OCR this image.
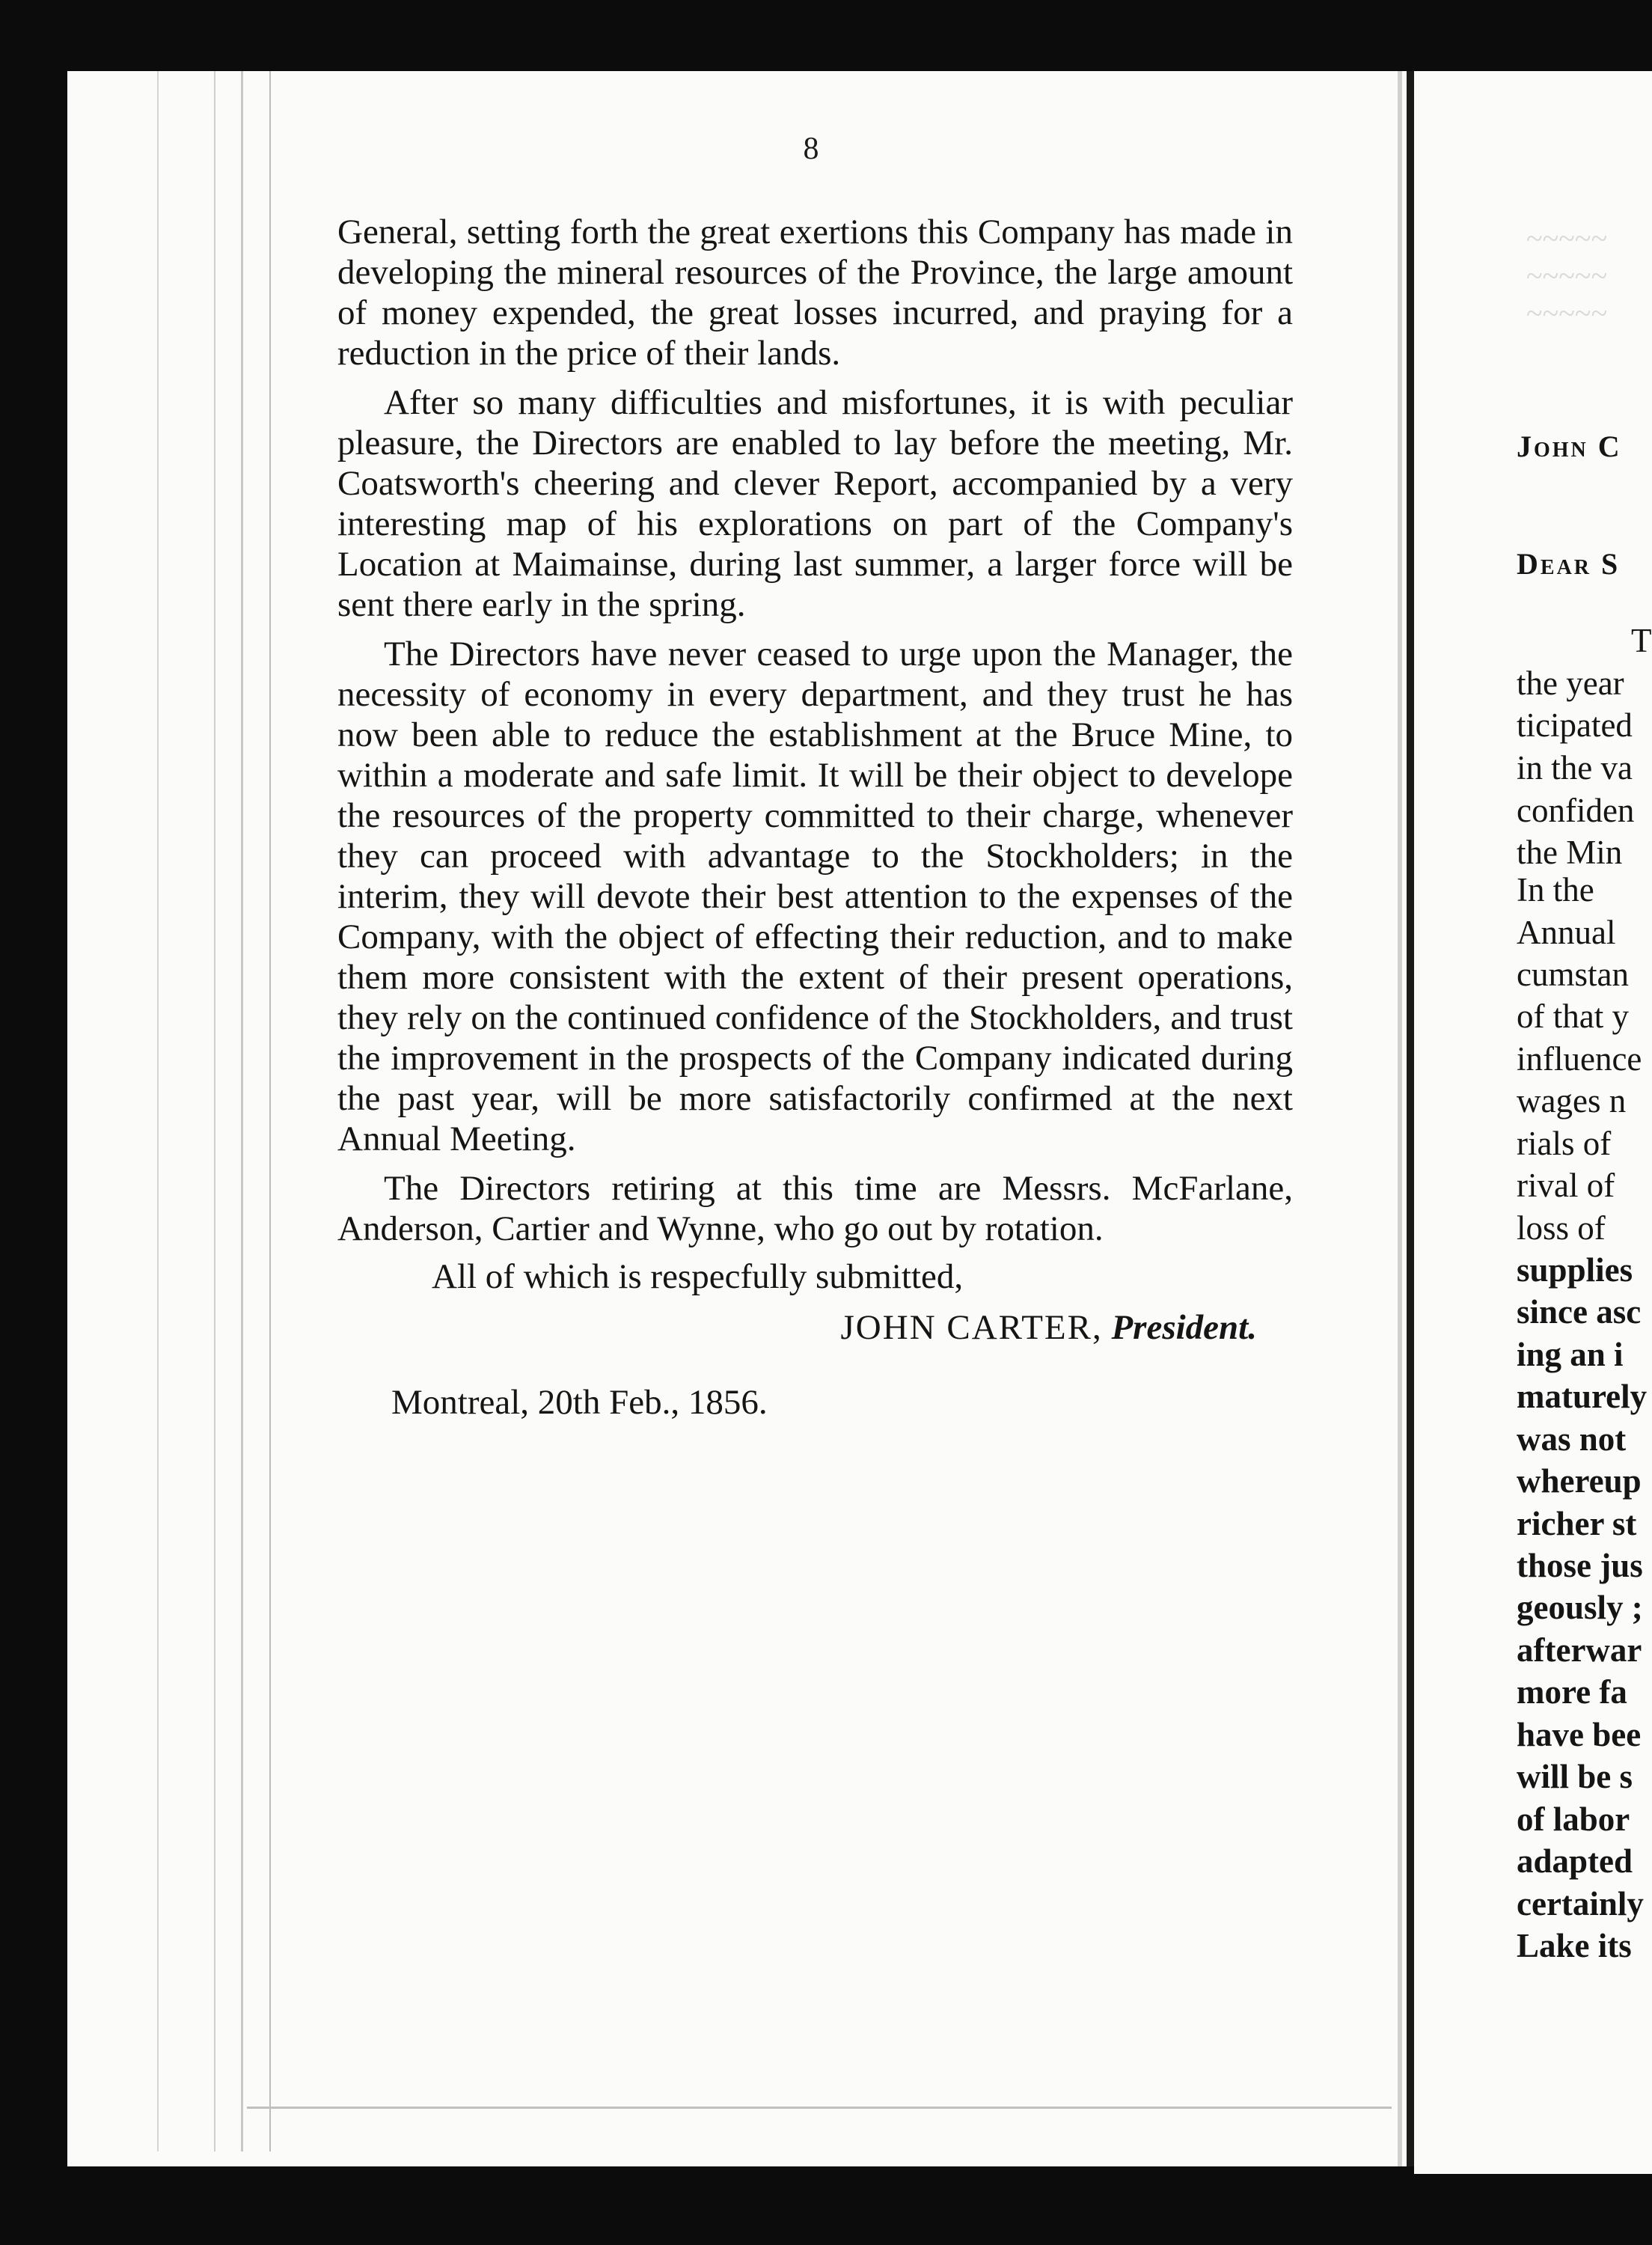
8

General, setting forth the great exertions this Company has made in developing the mineral resources of the Province, the large amount of money expended, the great losses incurred, and praying for a reduction in the price of their lands.

After so many difficulties and misfortunes, it is with peculiar pleasure, the Directors are enabled to lay before the meeting, Mr. Coatsworth's cheering and clever Report, accompanied by a very interesting map of his explorations on part of the Company's Location at Maimainse, during last summer, a larger force will be sent there early in the spring.

The Directors have never ceased to urge upon the Manager, the necessity of economy in every department, and they trust he has now been able to reduce the establishment at the Bruce Mine, to within a moderate and safe limit. It will be their object to develope the resources of the property committed to their charge, whenever they can proceed with advantage to the Stockholders; in the interim, they will devote their best attention to the expenses of the Company, with the object of effecting their reduction, and to make them more consistent with the extent of their present operations, they rely on the continued confidence of the Stockholders, and trust the improvement in the prospects of the Company indicated during the past year, will be more satisfactorily confirmed at the next Annual Meeting.

The Directors retiring at this time are Messrs. McFarlane, Anderson, Cartier and Wynne, who go out by rotation.

All of which is respecfully submitted,

JOHN CARTER, President.

Montreal, 20th Feb., 1856.

~~~~~
~~~~~
~~~~~
John C
Dear S
T
the year
ticipated
in the va
confiden
the Min
In the
Annual
cumstan
of that y
influence
wages n
rials of
rival of
loss of
supplies
since asc
ing an i
maturely
was not
whereup
richer st
those jus
geously ;
afterwar
more fa
have bee
will be s
of labor
adapted
certainly
Lake its
